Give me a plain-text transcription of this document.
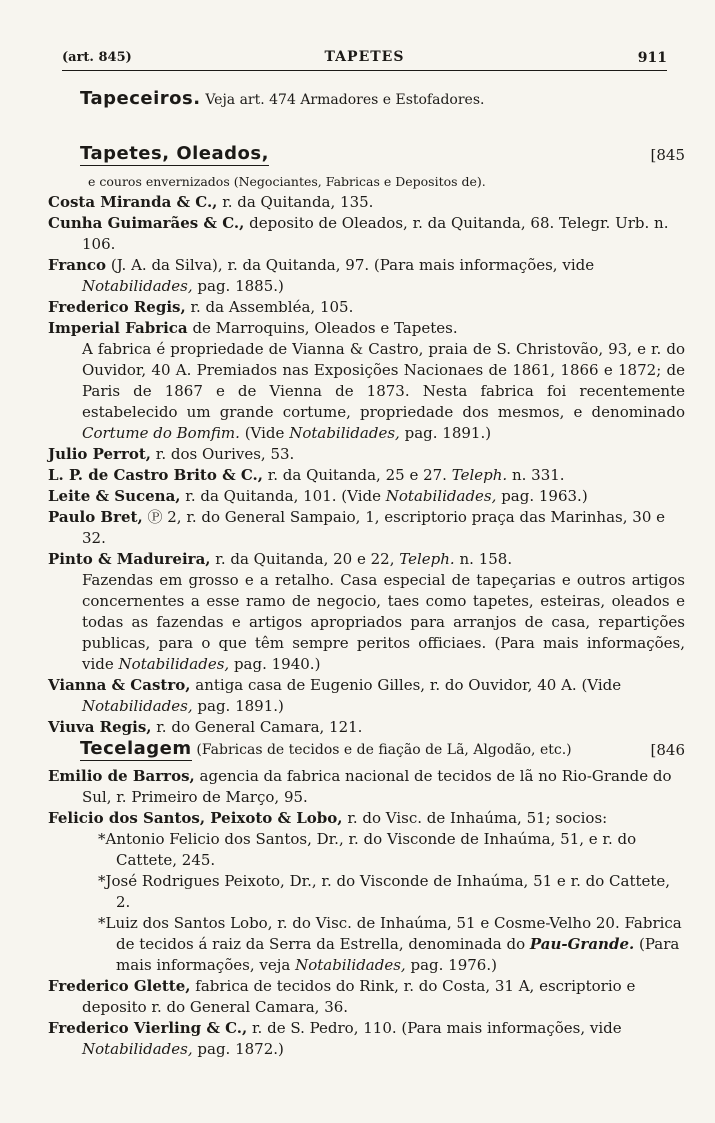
(art. 845)	TAPETES	911
Tapeceiros. Veja art. 474 Armadores e Estofadores.
Tapetes, Oleados,	[845
e couros envernizados (Negociantes, Fabricas e Depositos de).
Costa Miranda & C., r. da Quitanda, 135.
Cunha Guimarães & C., deposito de Oleados, r. da Quitanda, 68. Telegr. Urb. n. 106.
Franco (J. A. da Silva), r. da Quitanda, 97. (Para mais informações, vide Notabilidades, pag. 1885.)
Frederico Regis, r. da Assembléa, 105.
Imperial Fabrica de Marroquins, Oleados e Tapetes.
A fabrica é propriedade de Vianna & Castro, praia de S. Christovão, 93, e r. do Ouvidor, 40 A. Premiados nas Exposições Nacionaes de 1861, 1866 e 1872; de Paris de 1867 e de Vienna de 1873. Nesta fabrica foi recentemente estabelecido um grande cortume, propriedade dos mesmos, e denominado Cortume do Bomfim. (Vide Notabilidades, pag. 1891.)
Julio Perrot, r. dos Ourives, 53.
L. P. de Castro Brito & C., r. da Quitanda, 25 e 27. Teleph. n. 331.
Leite & Sucena, r. da Quitanda, 101. (Vide Notabilidades, pag. 1963.)
Paulo Bret, Ⓟ 2, r. do General Sampaio, 1, escriptorio praça das Marinhas, 30 e 32.
Pinto & Madureira, r. da Quitanda, 20 e 22, Teleph. n. 158.
Fazendas em grosso e a retalho. Casa especial de tapeçarias e outros artigos concernentes a esse ramo de negocio, taes como tapetes, esteiras, oleados e todas as fazendas e artigos apropriados para arranjos de casa, repartições publicas, para o que têm sempre peritos officiaes. (Para mais informações, vide Notabilidades, pag. 1940.)
Vianna & Castro, antiga casa de Eugenio Gilles, r. do Ouvidor, 40 A. (Vide Notabilidades, pag. 1891.)
Viuva Regis, r. do General Camara, 121.
Tecelagem (Fabricas de tecidos e de fiação de Lã, Algodão, etc.)	[846
Emilio de Barros, agencia da fabrica nacional de tecidos de lã no Rio-Grande do Sul, r. Primeiro de Março, 95.
Felicio dos Santos, Peixoto & Lobo, r. do Visc. de Inhaúma, 51; socios:
*Antonio Felicio dos Santos, Dr., r. do Visconde de Inhaúma, 51, e r. do Cattete, 245.
*José Rodrigues Peixoto, Dr., r. do Visconde de Inhaúma, 51 e r. do Cattete, 2.
*Luiz dos Santos Lobo, r. do Visc. de Inhaúma, 51 e Cosme-Velho 20. Fabrica de tecidos á raiz da Serra da Estrella, denominada do Pau-Grande. (Para mais informações, veja Notabilidades, pag. 1976.)
Frederico Glette, fabrica de tecidos do Rink, r. do Costa, 31 A, escriptorio e deposito r. do General Camara, 36.
Frederico Vierling & C., r. de S. Pedro, 110. (Para mais informações, vide Notabilidades, pag. 1872.)
